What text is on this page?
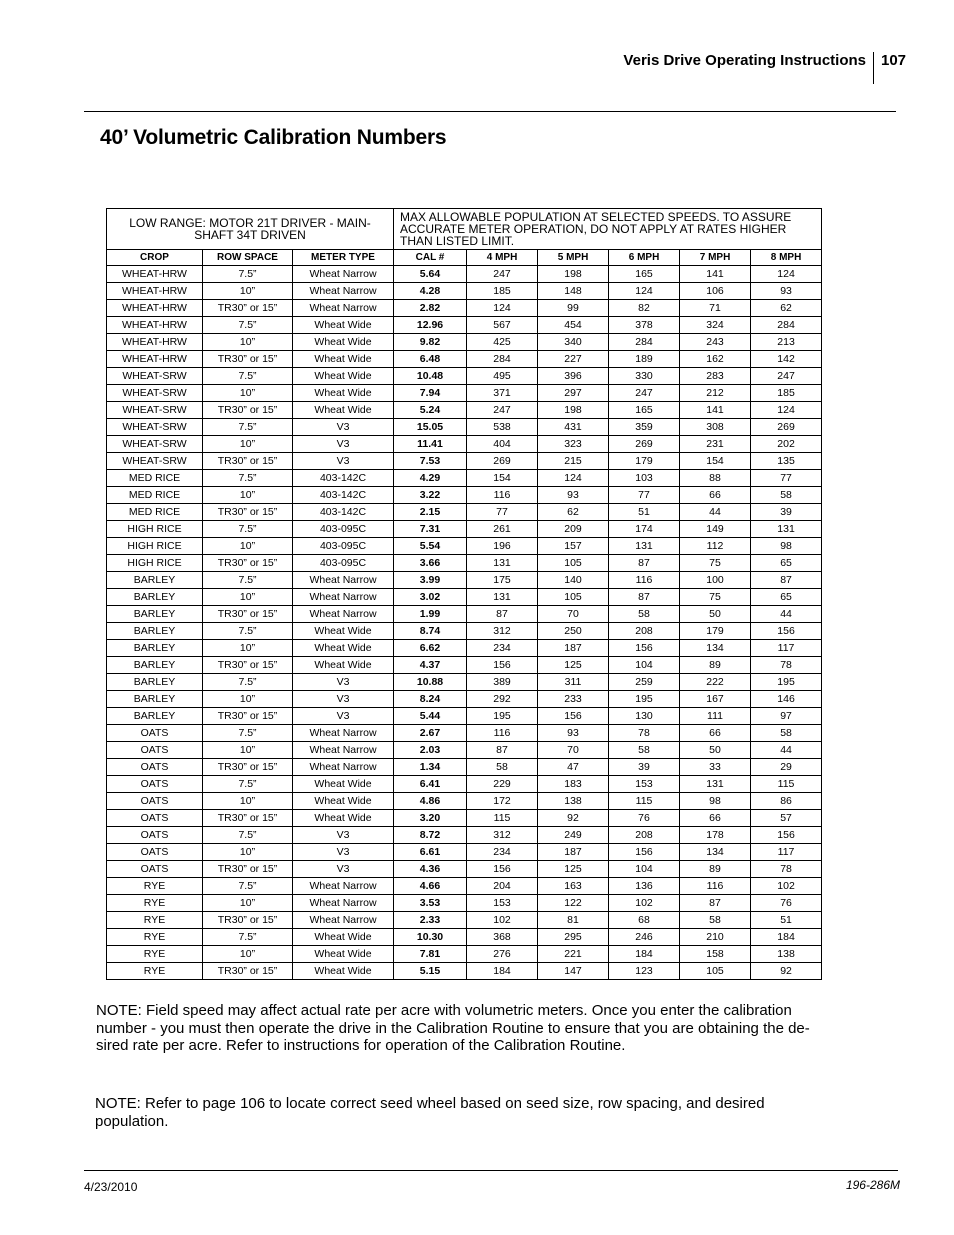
Veris Drive Operating Instructions 107
40’ Volumetric Calibration Numbers
LOW RANGE: MOTOR 21T DRIVER - MAIN-SHAFT 34T DRIVEN			MAX ALLOWABLE POPULATION AT SELECTED SPEEDS. TO ASSURE ACCURATE METER OPERATION, DO NOT APPLY AT RATES HIGHER THAN LISTED LIMIT.					
CROP	ROW SPACE	METER TYPE	CAL #	4 MPH	5 MPH	6 MPH	7 MPH	8 MPH
WHEAT-HRW	7.5”	Wheat Narrow	5.64	247	198	165	141	124
WHEAT-HRW	10”	Wheat Narrow	4.28	185	148	124	106	93
WHEAT-HRW	TR30” or 15”	Wheat Narrow	2.82	124	99	82	71	62
WHEAT-HRW	7.5”	Wheat Wide	12.96	567	454	378	324	284
WHEAT-HRW	10”	Wheat Wide	9.82	425	340	284	243	213
WHEAT-HRW	TR30” or 15”	Wheat Wide	6.48	284	227	189	162	142
WHEAT-SRW	7.5”	Wheat Wide	10.48	495	396	330	283	247
WHEAT-SRW	10”	Wheat Wide	7.94	371	297	247	212	185
WHEAT-SRW	TR30” or 15”	Wheat Wide	5.24	247	198	165	141	124
WHEAT-SRW	7.5”	V3	15.05	538	431	359	308	269
WHEAT-SRW	10”	V3	11.41	404	323	269	231	202
WHEAT-SRW	TR30” or 15”	V3	7.53	269	215	179	154	135
MED RICE	7.5”	403-142C	4.29	154	124	103	88	77
MED RICE	10”	403-142C	3.22	116	93	77	66	58
MED RICE	TR30” or 15”	403-142C	2.15	77	62	51	44	39
HIGH RICE	7.5”	403-095C	7.31	261	209	174	149	131
HIGH RICE	10”	403-095C	5.54	196	157	131	112	98
HIGH RICE	TR30” or 15”	403-095C	3.66	131	105	87	75	65
BARLEY	7.5”	Wheat Narrow	3.99	175	140	116	100	87
BARLEY	10”	Wheat Narrow	3.02	131	105	87	75	65
BARLEY	TR30” or 15”	Wheat Narrow	1.99	87	70	58	50	44
BARLEY	7.5”	Wheat Wide	8.74	312	250	208	179	156
BARLEY	10”	Wheat Wide	6.62	234	187	156	134	117
BARLEY	TR30” or 15”	Wheat Wide	4.37	156	125	104	89	78
BARLEY	7.5”	V3	10.88	389	311	259	222	195
BARLEY	10”	V3	8.24	292	233	195	167	146
BARLEY	TR30” or 15”	V3	5.44	195	156	130	111	97
OATS	7.5”	Wheat Narrow	2.67	116	93	78	66	58
OATS	10”	Wheat Narrow	2.03	87	70	58	50	44
OATS	TR30” or 15”	Wheat Narrow	1.34	58	47	39	33	29
OATS	7.5”	Wheat Wide	6.41	229	183	153	131	115
OATS	10”	Wheat Wide	4.86	172	138	115	98	86
OATS	TR30” or 15”	Wheat Wide	3.20	115	92	76	66	57
OATS	7.5”	V3	8.72	312	249	208	178	156
OATS	10”	V3	6.61	234	187	156	134	117
OATS	TR30” or 15”	V3	4.36	156	125	104	89	78
RYE	7.5”	Wheat Narrow	4.66	204	163	136	116	102
RYE	10”	Wheat Narrow	3.53	153	122	102	87	76
RYE	TR30” or 15”	Wheat Narrow	2.33	102	81	68	58	51
RYE	7.5”	Wheat Wide	10.30	368	295	246	210	184
RYE	10”	Wheat Wide	7.81	276	221	184	158	138
RYE	TR30” or 15”	Wheat Wide	5.15	184	147	123	105	92

NOTE: Field speed may affect actual rate per acre with volumetric meters. Once you enter the calibration number - you must then operate the drive in the Calibration Routine to ensure that you are obtaining the de-sired rate per acre. Refer to instructions for operation of the Calibration Routine.

NOTE: Refer to page 106 to locate correct seed wheel based on seed size, row spacing, and desired population.

4/23/2010	196-286M
